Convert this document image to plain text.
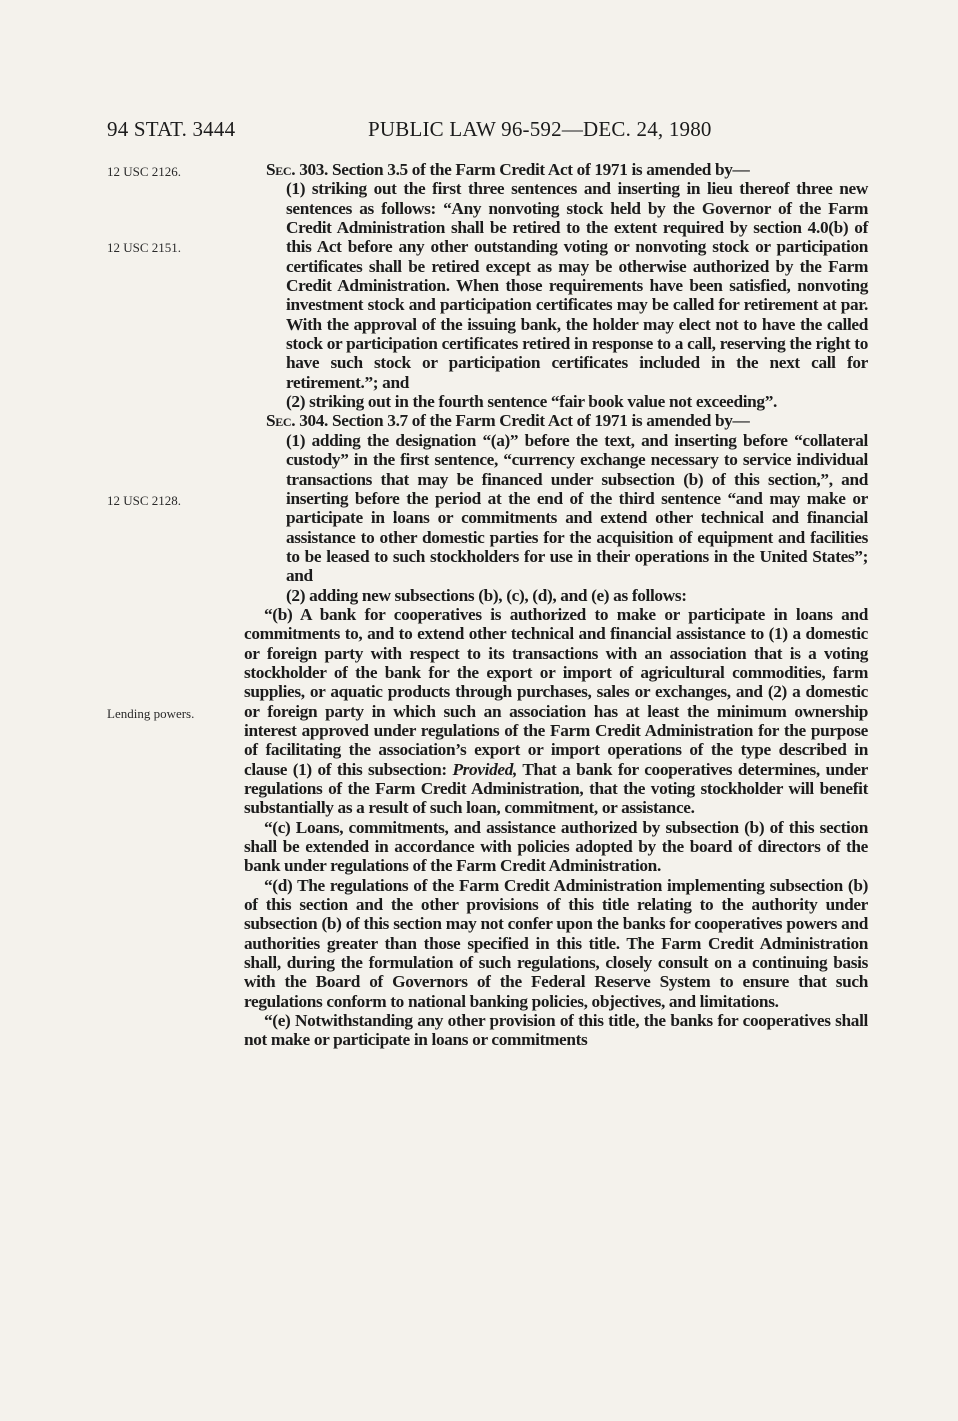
94 STAT. 3444	PUBLIC LAW 96-592—DEC. 24, 1980
12 USC 2126.
12 USC 2151.
12 USC 2128.
Lending powers.

Sec. 303. Section 3.5 of the Farm Credit Act of 1971 is amended by—

(1) striking out the first three sentences and inserting in lieu thereof three new sentences as follows: “Any nonvoting stock held by the Governor of the Farm Credit Administration shall be retired to the extent required by section 4.0(b) of this Act before any other outstanding voting or nonvoting stock or participation certificates shall be retired except as may be otherwise authorized by the Farm Credit Administration. When those requirements have been satisfied, nonvoting investment stock and participation certificates may be called for retirement at par. With the approval of the issuing bank, the holder may elect not to have the called stock or participation certificates retired in response to a call, reserving the right to have such stock or participation certificates included in the next call for retirement.”; and

(2) striking out in the fourth sentence “fair book value not exceeding”.

Sec. 304. Section 3.7 of the Farm Credit Act of 1971 is amended by—

(1) adding the designation “(a)” before the text, and inserting before “collateral custody” in the first sentence, “currency exchange necessary to service individual transactions that may be financed under subsection (b) of this section,”, and inserting before the period at the end of the third sentence “and may make or participate in loans or commitments and extend other technical and financial assistance to other domestic parties for the acquisition of equipment and facilities to be leased to such stockholders for use in their operations in the United States”; and

(2) adding new subsections (b), (c), (d), and (e) as follows:

“(b) A bank for cooperatives is authorized to make or participate in loans and commitments to, and to extend other technical and financial assistance to (1) a domestic or foreign party with respect to its transactions with an association that is a voting stockholder of the bank for the export or import of agricultural commodities, farm supplies, or aquatic products through purchases, sales or exchanges, and (2) a domestic or foreign party in which such an association has at least the minimum ownership interest approved under regulations of the Farm Credit Administration for the purpose of facilitating the association’s export or import operations of the type described in clause (1) of this subsection: Provided, That a bank for cooperatives determines, under regulations of the Farm Credit Administration, that the voting stockholder will benefit substantially as a result of such loan, commitment, or assistance.

“(c) Loans, commitments, and assistance authorized by subsection (b) of this section shall be extended in accordance with policies adopted by the board of directors of the bank under regulations of the Farm Credit Administration.

“(d) The regulations of the Farm Credit Administration implementing subsection (b) of this section and the other provisions of this title relating to the authority under subsection (b) of this section may not confer upon the banks for cooperatives powers and authorities greater than those specified in this title. The Farm Credit Administration shall, during the formulation of such regulations, closely consult on a continuing basis with the Board of Governors of the Federal Reserve System to ensure that such regulations conform to national banking policies, objectives, and limitations.

“(e) Notwithstanding any other provision of this title, the banks for cooperatives shall not make or participate in loans or commitments
